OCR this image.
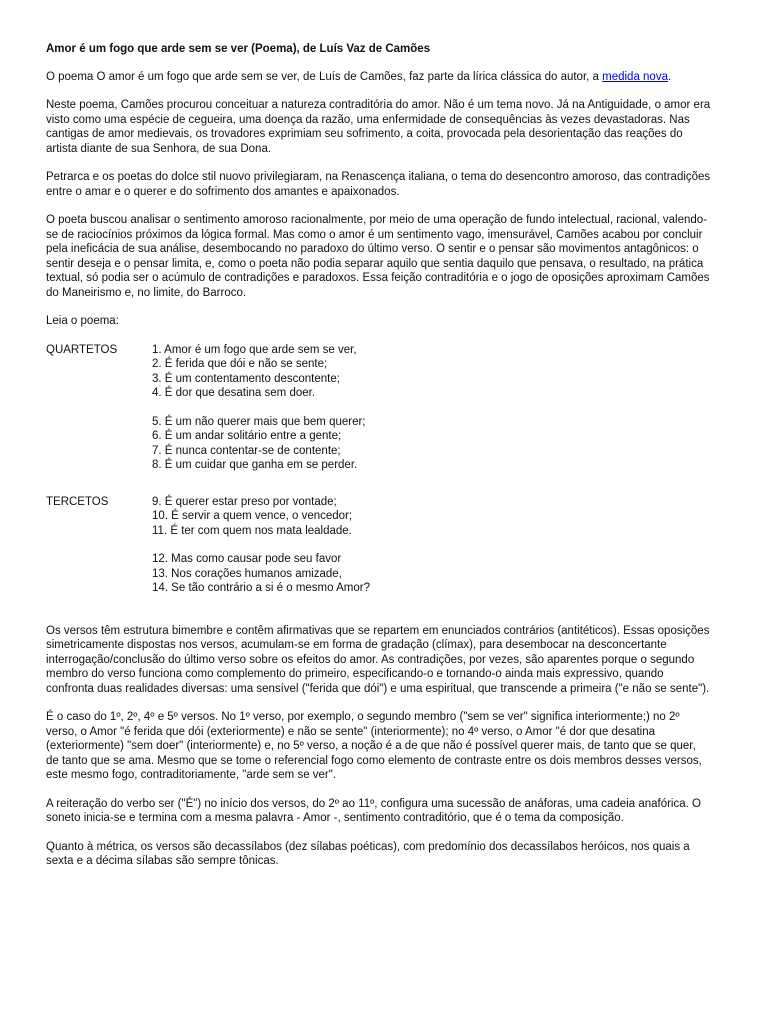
Amor é um fogo que arde sem se ver (Poema), de Luís Vaz de Camões

O poema O amor é um fogo que arde sem se ver, de Luís de Camões, faz parte da lírica clássica do autor, a medida nova.

Neste poema, Camões procurou conceituar a natureza contraditória do amor. Não é um tema novo. Já na Antiguidade, o amor era visto como uma espécie de cegueira, uma doença da razão, uma enfermidade de consequências às vezes devastadoras. Nas cantigas de amor medievais, os trovadores exprimiam seu sofrimento, a coita, provocada pela desorientação das reações do artista diante de sua Senhora, de sua Dona.

Petrarca e os poetas do dolce stil nuovo privilegiaram, na Renascença italiana, o tema do desencontro amoroso, das contradições entre o amar e o querer e do sofrimento dos amantes e apaixonados.

O poeta buscou analisar o sentimento amoroso racionalmente, por meio de uma operação de fundo intelectual, racional, valendo-se de raciocínios próximos da lógica formal. Mas como o amor é um sentimento vago, imensurável, Camões acabou por concluir pela ineficácia de sua análise, desembocando no paradoxo do último verso. O sentir e o pensar são movimentos antagônicos: o sentir deseja e o pensar limita, e, como o poeta não podia separar aquilo que sentia daquilo que pensava, o resultado, na prática textual, só podia ser o acúmulo de contradições e paradoxos. Essa feição contraditória e o jogo de oposições aproximam Camões do Maneirismo e, no limite, do Barroco.

Leia o poema:

QUARTETOS	1. Amor é um fogo que arde sem se ver,
2. É ferida que dói e não se sente;
3. É um contentamento descontente;
4. É dor que desatina sem doer.
5. É um não querer mais que bem querer;
6. É um andar solitário entre a gente;
7. É nunca contentar-se de contente;
8. É um cuidar que ganha em se perder.
TERCETOS	9. É querer estar preso por vontade;
10. É servir a quem vence, o vencedor;
11. É ter com quem nos mata lealdade.
12. Mas como causar pode seu favor
13. Nos corações humanos amizade,
14. Se tão contrário a si é o mesmo Amor?

Os versos têm estrutura bimembre e contêm afirmativas que se repartem em enunciados contrários (antitéticos). Essas oposições simetricamente dispostas nos versos, acumulam-se em forma de gradação (clímax), para desembocar na desconcertante interrogação/conclusão do último verso sobre os efeitos do amor. As contradições, por vezes, são aparentes porque o segundo membro do verso funciona como complemento do primeiro, especificando-o e tornando-o ainda mais expressivo, quando confronta duas realidades diversas: uma sensível ("ferida que dói") e uma espiritual, que transcende a primeira ("e não se sente").

É o caso do 1º, 2º, 4º e 5º versos. No 1º verso, por exemplo, o segundo membro ("sem se ver" significa interiormente;) no 2º verso, o Amor "é ferida que dói (exteriormente) e não se sente" (interiormente); no 4º verso, o Amor "é dor que desatina (exteriormente) "sem doer" (interiormente) e, no 5º verso, a noção é a de que não é possível querer mais, de tanto que se quer, de tanto que se ama. Mesmo que se tome o referencial fogo como elemento de contraste entre os dois membros desses versos, este mesmo fogo, contraditoriamente, "arde sem se ver".

A reiteração do verbo ser ("É") no início dos versos, do 2º ao 11º, configura uma sucessão de anáforas, uma cadeia anafórica. O soneto inicia-se e termina com a mesma palavra - Amor -, sentimento contraditório, que é o tema da composição.

Quanto à métrica, os versos são decassílabos (dez sílabas poéticas), com predomínio dos decassílabos heróicos, nos quais a sexta e a décima sílabas são sempre tônicas.
